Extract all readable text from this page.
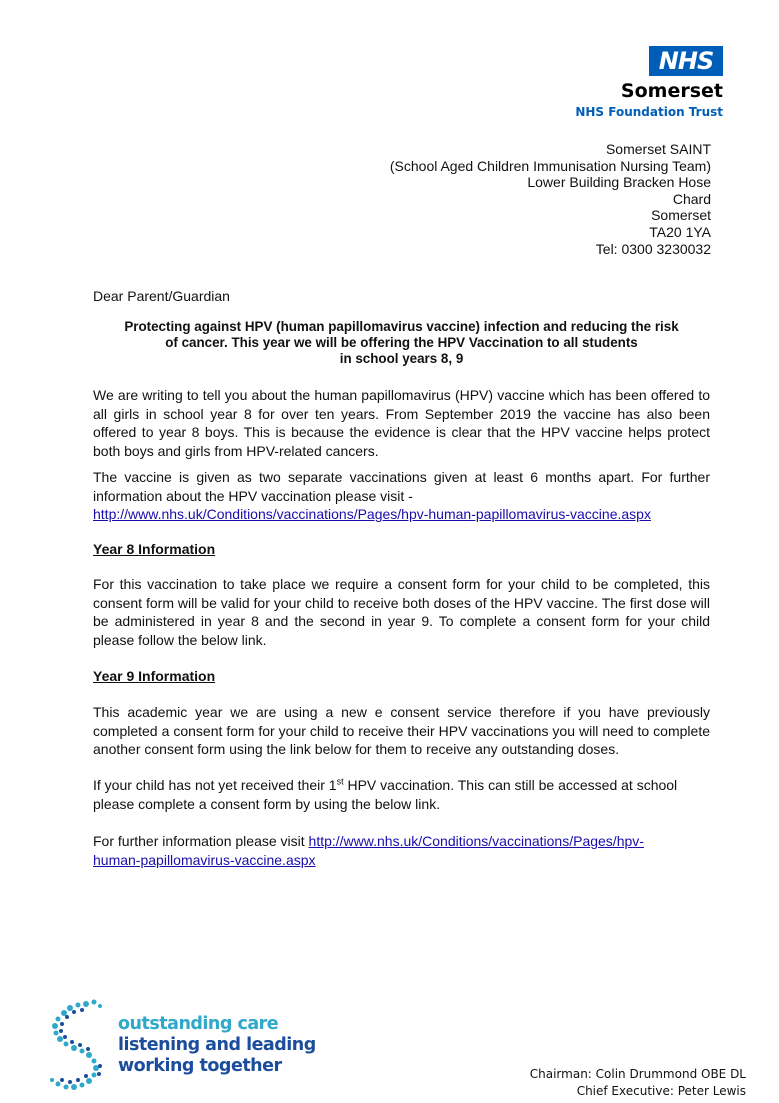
NHS
Somerset
NHS Foundation Trust
Somerset SAINT
(School Aged Children Immunisation Nursing Team)
Lower Building Bracken Hose
Chard
Somerset
TA20 1YA
Tel: 0300 3230032
Dear Parent/Guardian
Protecting against HPV (human papillomavirus vaccine) infection and reducing the risk
of cancer. This year we will be offering the HPV Vaccination to all students
in school years 8, 9
We are writing to tell you about the human papillomavirus (HPV) vaccine which has been offered to all girls in school year 8 for over ten years. From September 2019 the vaccine has also been offered to year 8 boys. This is because the evidence is clear that the HPV vaccine helps protect both boys and girls from HPV-related cancers.
The vaccine is given as two separate vaccinations given at least 6 months apart. For further information about the HPV vaccination please visit -
http://www.nhs.uk/Conditions/vaccinations/Pages/hpv-human-papillomavirus-vaccine.aspx
Year 8 Information
For this vaccination to take place we require a consent form for your child to be completed, this consent form will be valid for your child to receive both doses of the HPV vaccine. The first dose will be administered in year 8 and the second in year 9. To complete a consent form for your child please follow the below link.
Year 9 Information
This academic year we are using a new e consent service therefore if you have previously completed a consent form for your child to receive their HPV vaccinations you will need to complete another consent form using the link below for them to receive any outstanding doses.
If your child has not yet received their 1st HPV vaccination. This can still be accessed at school
please complete a consent form by using the below link.
For further information please visit http://www.nhs.uk/Conditions/vaccinations/Pages/hpv-
human-papillomavirus-vaccine.aspx
outstanding care
listening and leading
working together	Chairman: Colin Drummond OBE DL
Chief Executive: Peter Lewis
